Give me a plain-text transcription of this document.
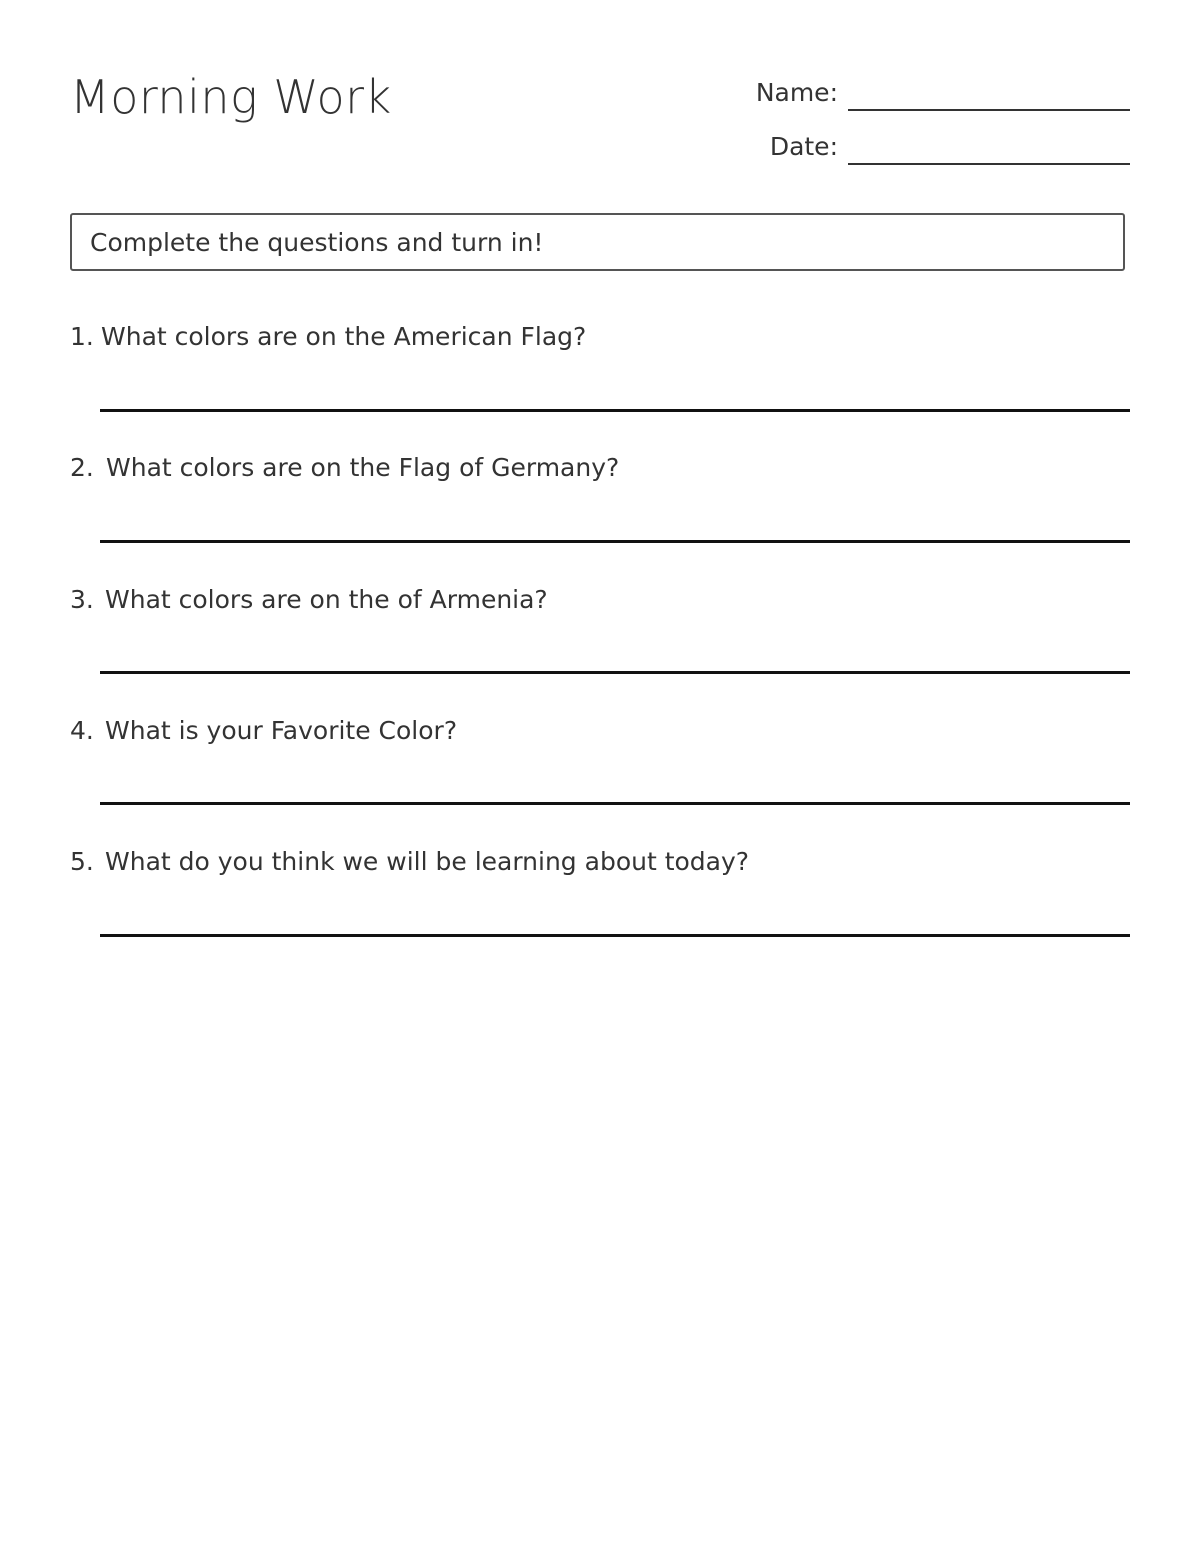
Morning Work	Name:
Date:
Complete the questions and turn in!
1. What colors are on the American Flag?
2. What colors are on the Flag of Germany?
3. What colors are on the of Armenia?
4. What is your Favorite Color?
5. What do you think we will be learning about today?
